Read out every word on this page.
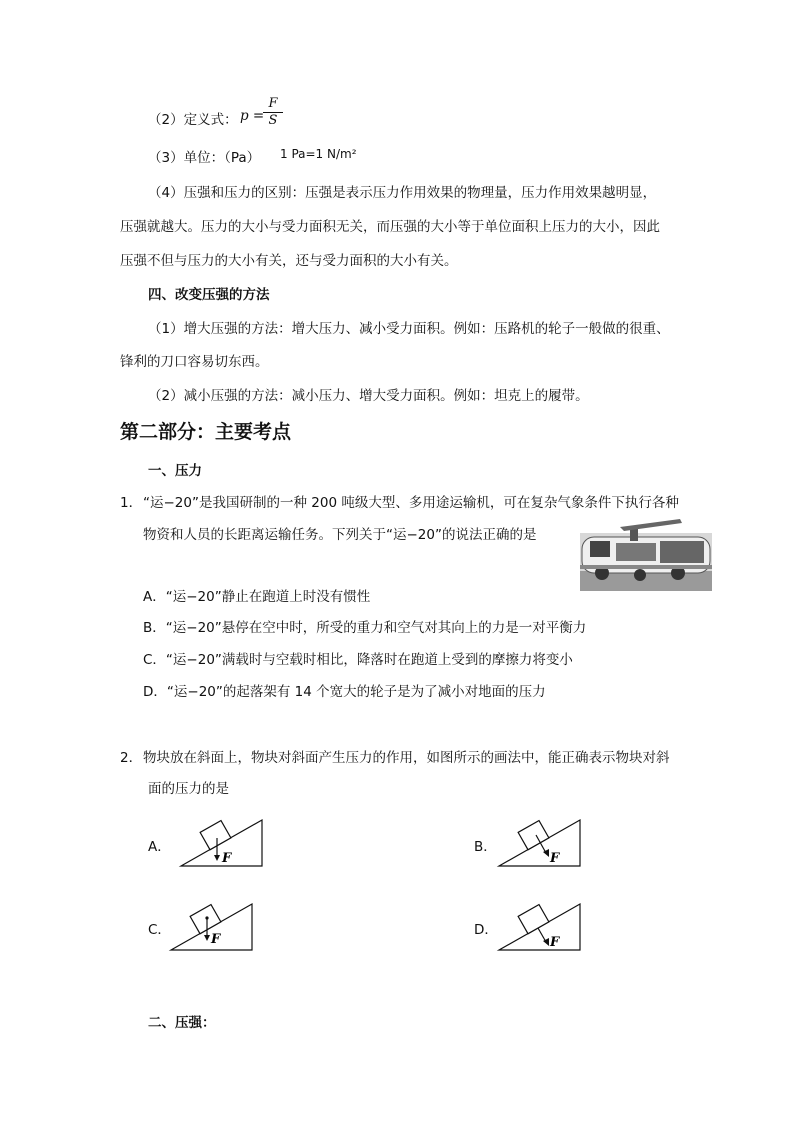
（2）定义式： p =
$\frac{F}{S}$
（3）单位：（Pa） 1 Pa=1 N/m²
（4）压强和压力的区别：压强是表示压力作用效果的物理量，压力作用效果越明显，
压强就越大。压力的大小与受力面积无关，而压强的大小等于单位面积上压力的大小，因此
压强不但与压力的大小有关，还与受力面积的大小有关。
四、改变压强的方法
（1）增大压强的方法：增大压力、减小受力面积。例如：压路机的轮子一般做的很重、
锋利的刀口容易切东西。
（2）减小压强的方法：减小压力、增大受力面积。例如：坦克上的履带。
第二部分：主要考点
一、压力
1． “运−20”是我国研制的一种 200 吨级大型、多用途运输机，可在复杂气象条件下执行各种
物资和人员的长距离运输任务。下列关于“运−20”的说法正确的是
A．“运−20”静止在跑道上时没有惯性
B．“运−20”悬停在空中时，所受的重力和空气对其向上的力是一对平衡力
C．“运−20”满载时与空载时相比，降落时在跑道上受到的摩擦力将变小
D．“运−20”的起落架有 14 个宽大的轮子是为了减小对地面的压力
2． 物块放在斜面上，物块对斜面产生压力的作用，如图所示的画法中，能正确表示物块对斜
面的压力的是
A．
F
B．
F
C．
F
D．
F
二、压强：
